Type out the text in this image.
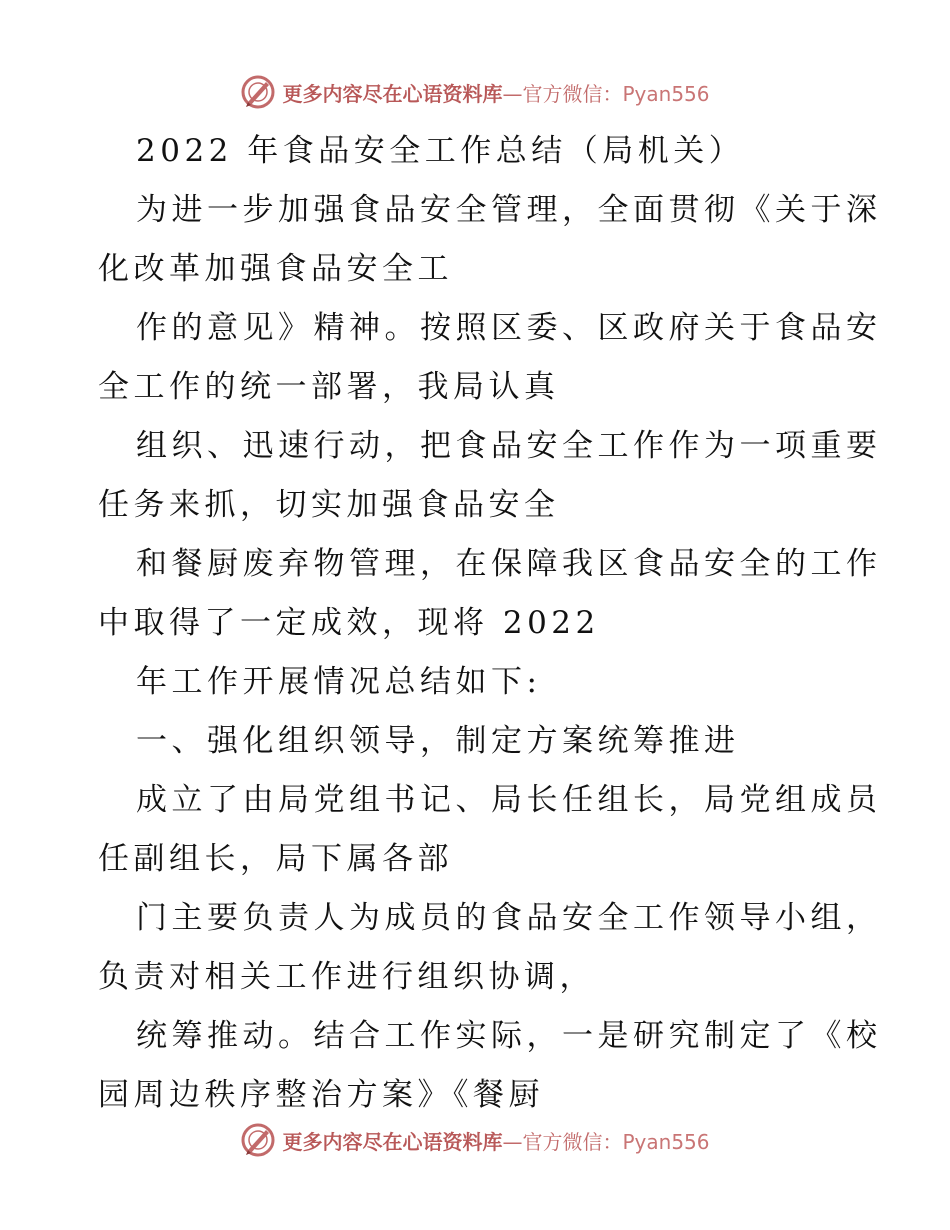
更多内容尽在心语资料库—官方微信：Pyan556
2022 年食品安全工作总结（局机关）
为进一步加强食品安全管理，全面贯彻《关于深
化改革加强食品安全工
作的意见》精神。按照区委、区政府关于食品安
全工作的统一部署，我局认真
组织、迅速行动，把食品安全工作作为一项重要
任务来抓，切实加强食品安全
和餐厨废弃物管理，在保障我区食品安全的工作
中取得了一定成效，现将 2022
年工作开展情况总结如下:
一、强化组织领导，制定方案统筹推进
成立了由局党组书记、局长任组长，局党组成员
任副组长，局下属各部
门主要负责人为成员的食品安全工作领导小组，
负责对相关工作进行组织协调，
统筹推动。结合工作实际，一是研究制定了《校
园周边秩序整治方案》《餐厨
更多内容尽在心语资料库—官方微信：Pyan556
